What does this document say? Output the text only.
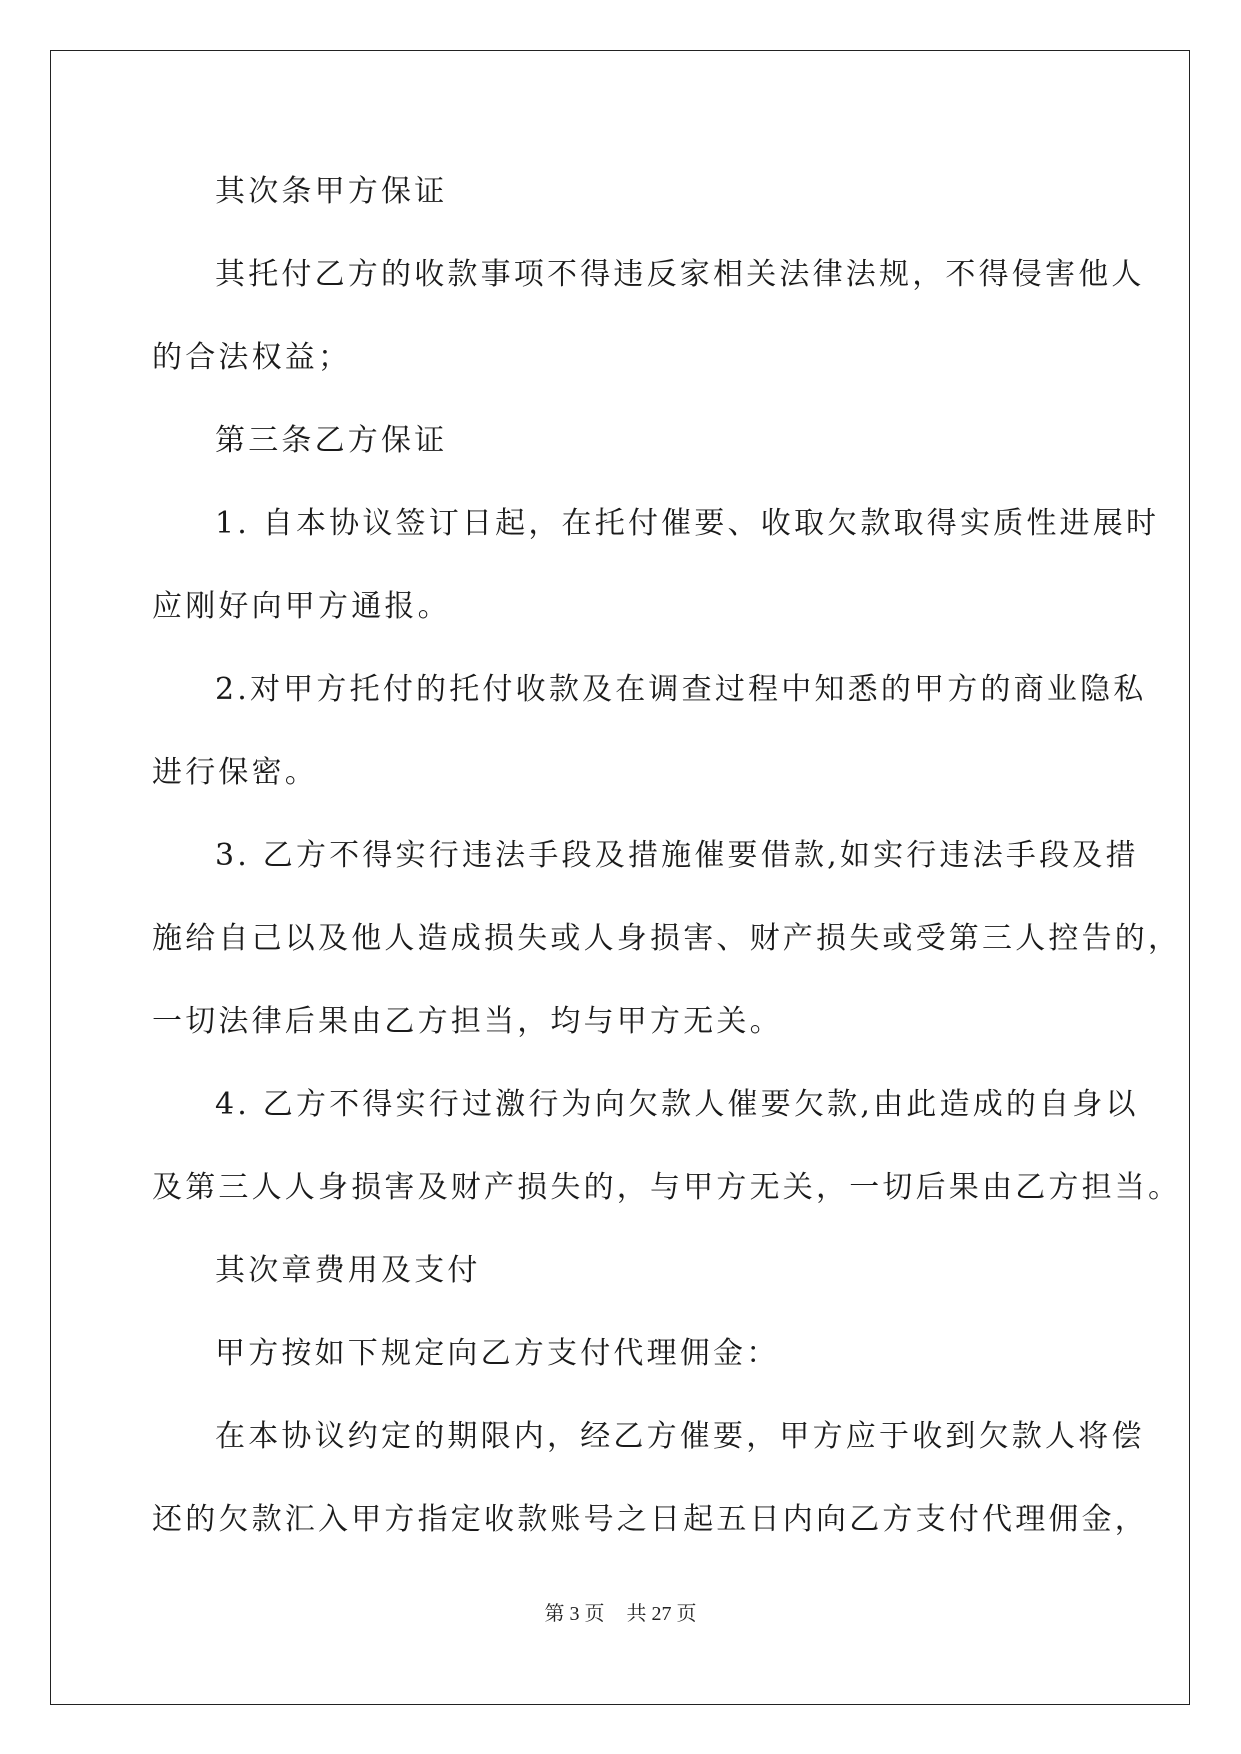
其次条甲方保证
其托付乙方的收款事项不得违反家相关法律法规，不得侵害他人
的合法权益；
第三条乙方保证
1. 自本协议签订日起，在托付催要、收取欠款取得实质性进展时
应刚好向甲方通报。
2.对甲方托付的托付收款及在调查过程中知悉的甲方的商业隐私
进行保密。
3. 乙方不得实行违法手段及措施催要借款,如实行违法手段及措
施给自己以及他人造成损失或人身损害、财产损失或受第三人控告的，
一切法律后果由乙方担当，均与甲方无关。
4. 乙方不得实行过激行为向欠款人催要欠款,由此造成的自身以
及第三人人身损害及财产损失的，与甲方无关，一切后果由乙方担当。
其次章费用及支付
甲方按如下规定向乙方支付代理佣金：
在本协议约定的期限内，经乙方催要，甲方应于收到欠款人将偿
还的欠款汇入甲方指定收款账号之日起五日内向乙方支付代理佣金，
第 3 页 共 27 页
